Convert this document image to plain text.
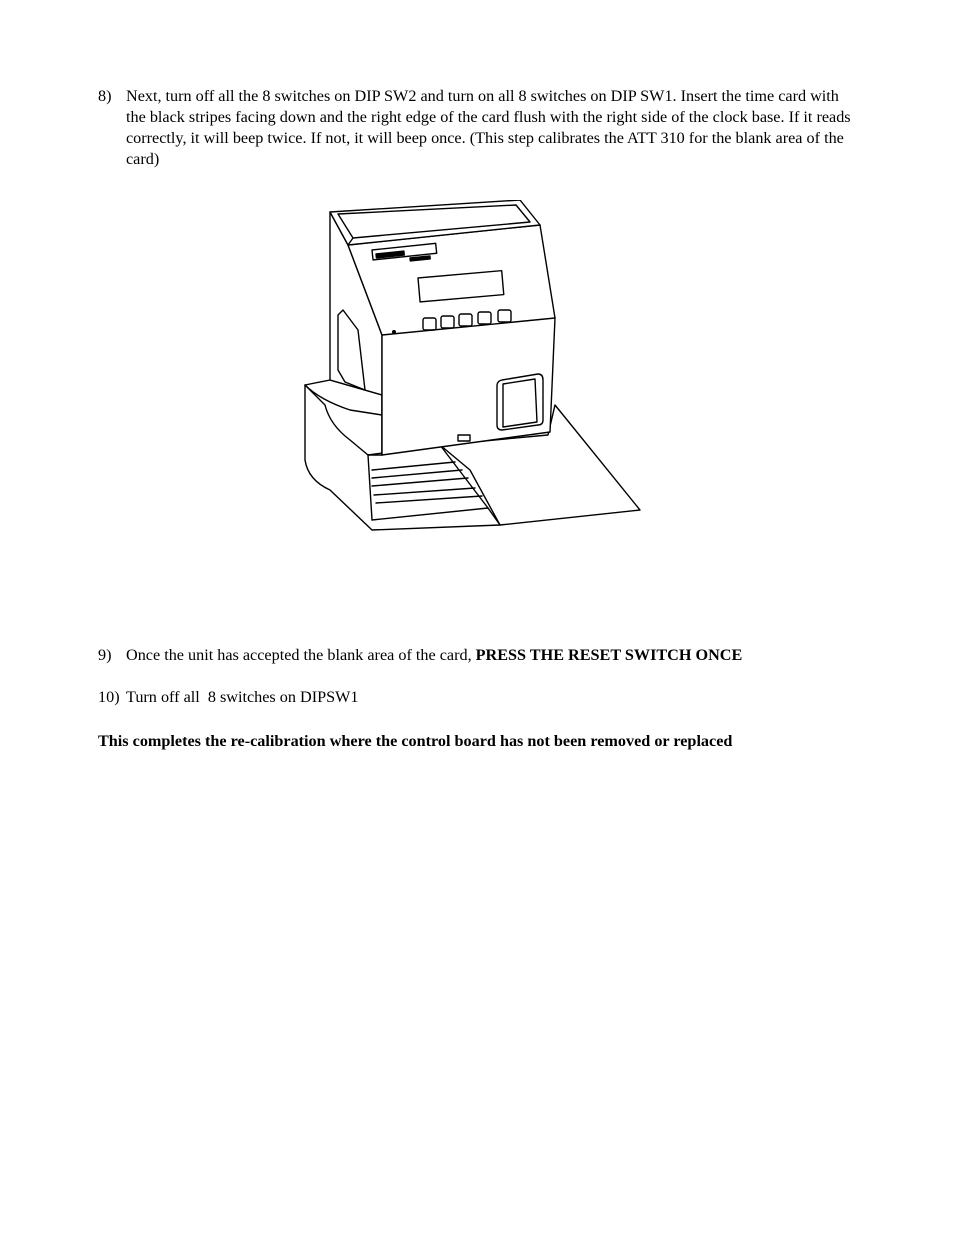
8) Next, turn off all the 8 switches on DIP SW2 and turn on all 8 switches on DIP SW1. Insert the time card with the black stripes facing down and the right edge of the card flush with the right side of the clock base. If it reads correctly, it will beep twice. If not, it will beep once. (This step calibrates the ATT 310 for the blank area of the card)
9) Once the unit has accepted the blank area of the card, PRESS THE RESET SWITCH ONCE
10) Turn off all  8 switches on DIPSW1
This completes the re-calibration where the control board has not been removed or replaced
